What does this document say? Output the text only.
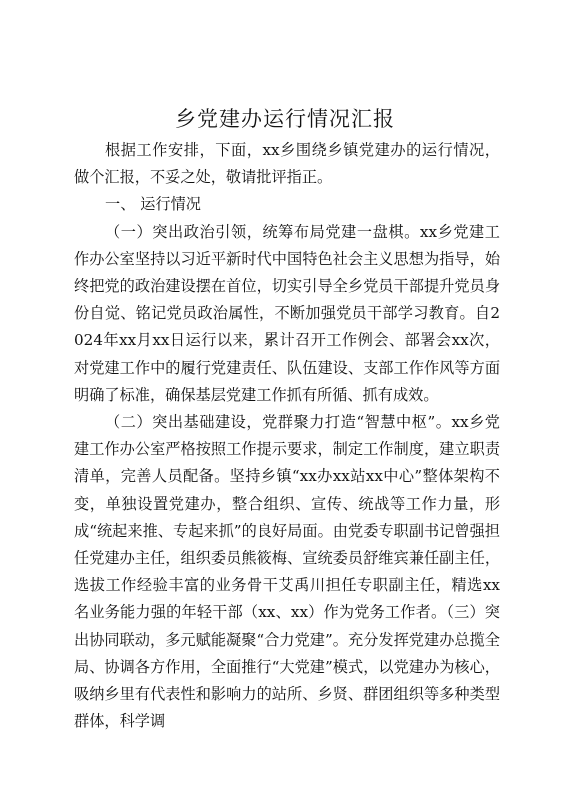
乡党建办运行情况汇报

根据工作安排，下面，xx乡围绕乡镇党建办的运行情况，做个汇报，不妥之处，敬请批评指正。

一、 运行情况

（一）突出政治引领，统筹布局党建一盘棋。xx乡党建工作办公室坚持以习近平新时代中国特色社会主义思想为指导，始终把党的政治建设摆在首位，切实引导全乡党员干部提升党员身份自觉、铭记党员政治属性，不断加强党员干部学习教育。自2024年xx月xx日运行以来，累计召开工作例会、部署会xx次，对党建工作中的履行党建责任、队伍建设、支部工作作风等方面明确了标准，确保基层党建工作抓有所循、抓有成效。

（二）突出基础建设，党群聚力打造“智慧中枢”。xx乡党建工作办公室严格按照工作提示要求，制定工作制度，建立职责清单，完善人员配备。坚持乡镇“xx办xx站xx中心”整体架构不变，单独设置党建办，整合组织、宣传、统战等工作力量，形成“统起来推、专起来抓”的良好局面。由党委专职副书记曾强担任党建办主任，组织委员熊筱梅、宣统委员舒维宾兼任副主任，选拔工作经验丰富的业务骨干艾禹川担任专职副主任，精选xx名业务能力强的年轻干部（xx、xx）作为党务工作者。（三）突出协同联动，多元赋能凝聚“合力党建”。充分发挥党建办总揽全局、协调各方作用，全面推行“大党建”模式，以党建办为核心，吸纳乡里有代表性和影响力的站所、乡贤、群团组织等多种类型群体，科学调
